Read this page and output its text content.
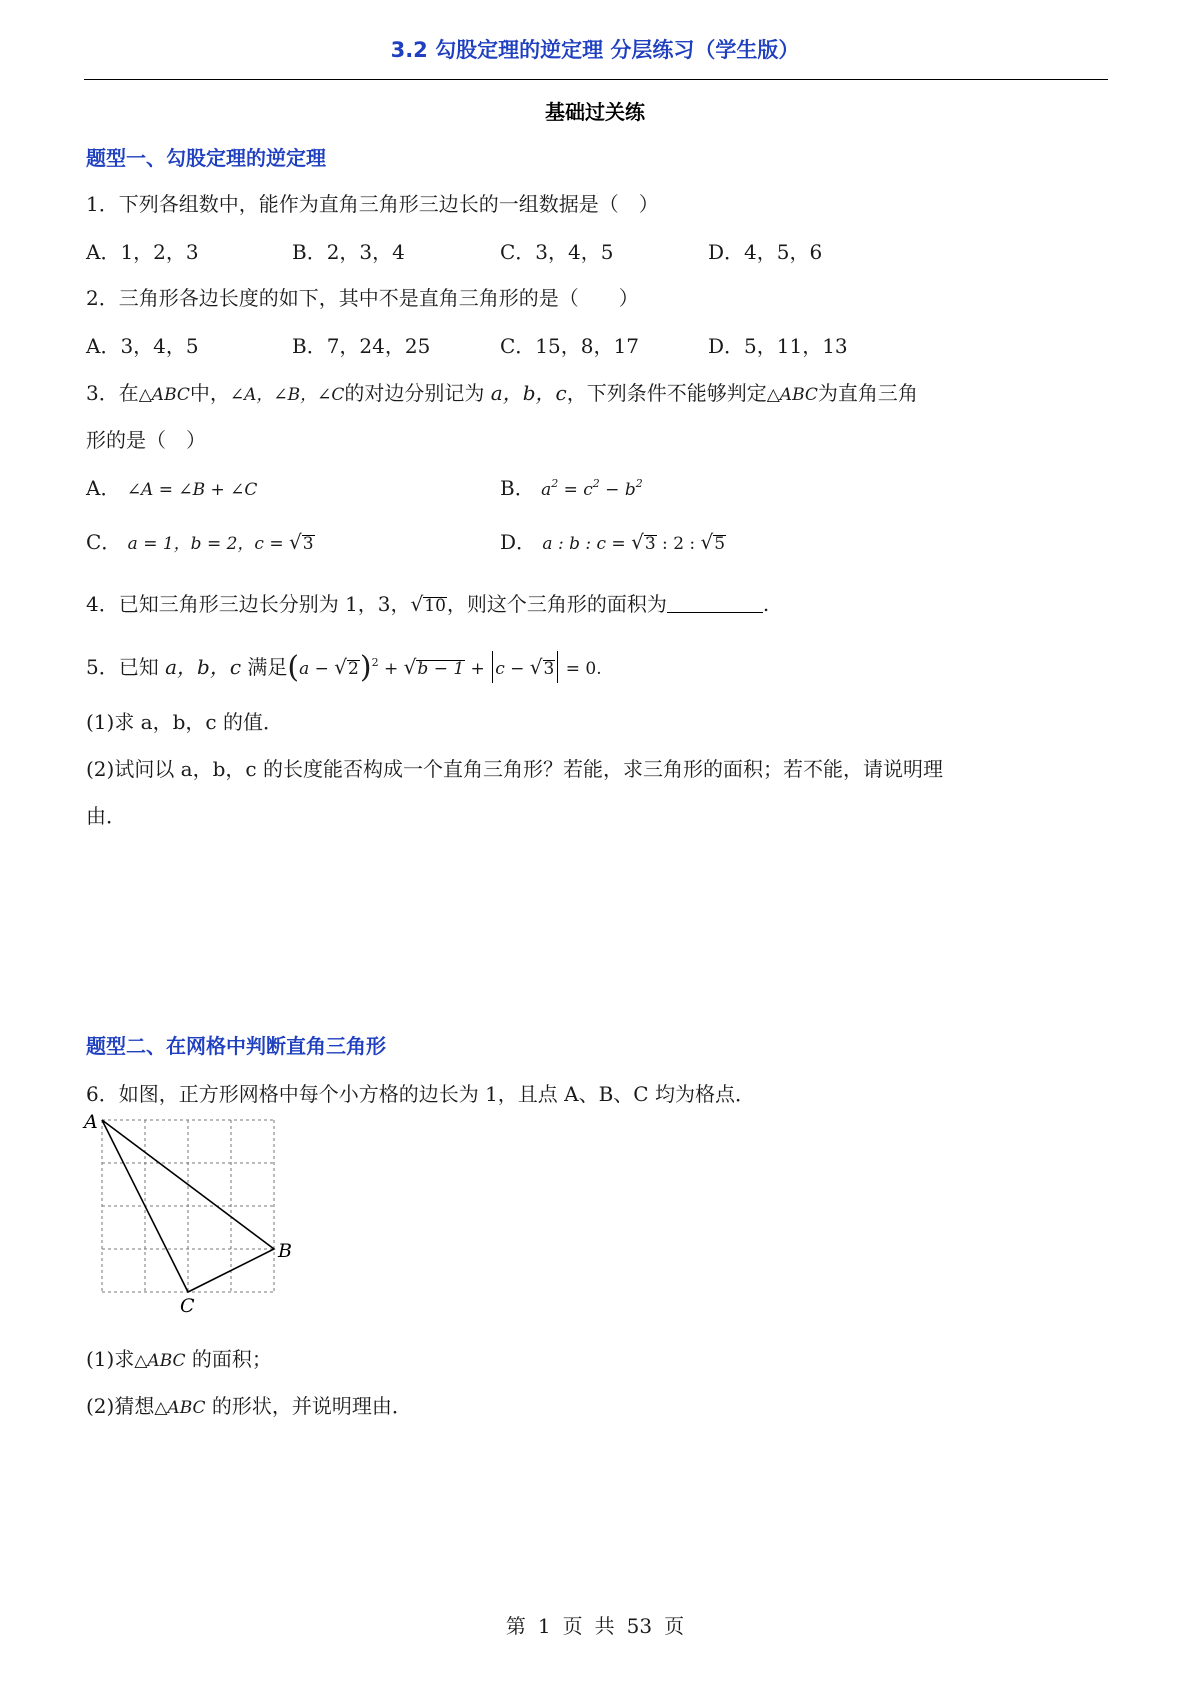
3.2 勾股定理的逆定理 分层练习（学生版）
基础过关练
题型一、勾股定理的逆定理
1．下列各组数中，能作为直角三角形三边长的一组数据是（　）
A．1，2，3	B．2，3，4	C．3，4，5	D．4，5，6
2．三角形各边长度的如下，其中不是直角三角形的是（　　）
A．3，4，5	B．7，24，25	C．15，8，17	D．5，11，13
3．在△ABC中，∠A，∠B，∠C的对边分别记为 a，b，c，下列条件不能够判定△ABC为直角三角
形的是（　）
A． ∠A = ∠B + ∠C	B． $a^2 = c^2 - b^2$
C． a = 1，b = 2，c = √3	D． a : b : c = √3 : 2 : √5
4．已知三角形三边长分别为 1，3，√10，则这个三角形的面积为	.
5．已知 a，b，c 满足$(a - √2)^2 + √b - 1 + c - √3 = 0$.
(1)求 a，b，c 的值．
(2)试问以 a，b，c 的长度能否构成一个直角三角形？若能，求三角形的面积；若不能，请说明理
由．
题型二、在网格中判断直角三角形
6．如图，正方形网格中每个小方格的边长为 1，且点 A、B、C 均为格点．
A
B
C
(1)求△ABC 的面积；
(2)猜想△ABC 的形状，并说明理由．
第 1 页 共 53 页
